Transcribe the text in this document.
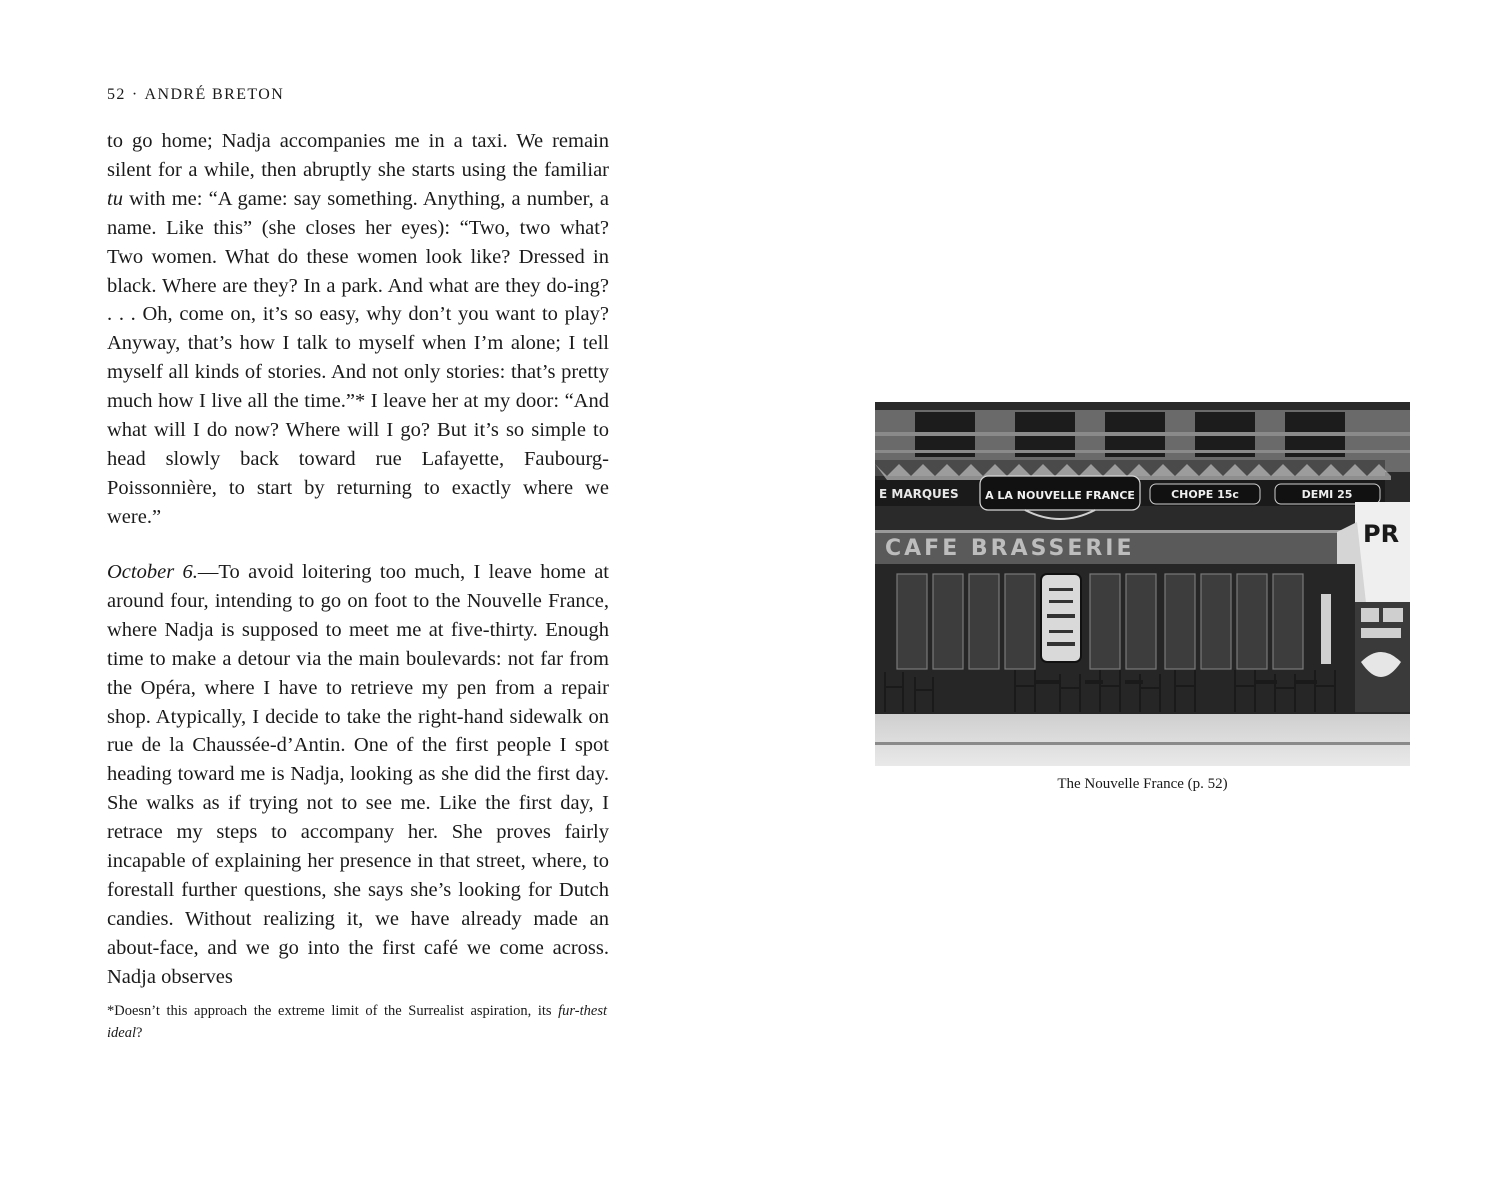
52 · ANDRÉ BRETON

to go home; Nadja accompanies me in a taxi. We remain silent for a while, then abruptly she starts using the familiar tu with me: “A game: say something. Anything, a number, a name. Like this” (she closes her eyes): “Two, two what? Two women. What do these women look like? Dressed in black. Where are they? In a park. And what are they do-ing? . . . Oh, come on, it’s so easy, why don’t you want to play? Anyway, that’s how I talk to myself when I’m alone; I tell myself all kinds of stories. And not only stories: that’s pretty much how I live all the time.”* I leave her at my door: “And what will I do now? Where will I go? But it’s so simple to head slowly back toward rue Lafayette, Faubourg-Poissonnière, to start by returning to exactly where we were.”

October 6.—To avoid loitering too much, I leave home at around four, intending to go on foot to the Nouvelle France, where Nadja is supposed to meet me at five-thirty. Enough time to make a detour via the main boulevards: not far from the Opéra, where I have to retrieve my pen from a repair shop. Atypically, I decide to take the right-hand sidewalk on rue de la Chaussée-d’Antin. One of the first people I spot heading toward me is Nadja, looking as she did the first day. She walks as if trying not to see me. Like the first day, I retrace my steps to accompany her. She proves fairly incapable of explaining her presence in that street, where, to forestall further questions, she says she’s looking for Dutch candies. Without realizing it, we have already made an about-face, and we go into the first café we come across. Nadja observes

*Doesn’t this approach the extreme limit of the Surrealist aspiration, its fur-thest ideal?

E MARQUES A LA NOUVELLE FRANCE	CHOPE 15c	DEMI 25
CAFE BRASSERIE
PR
The Nouvelle France (p. 52)
